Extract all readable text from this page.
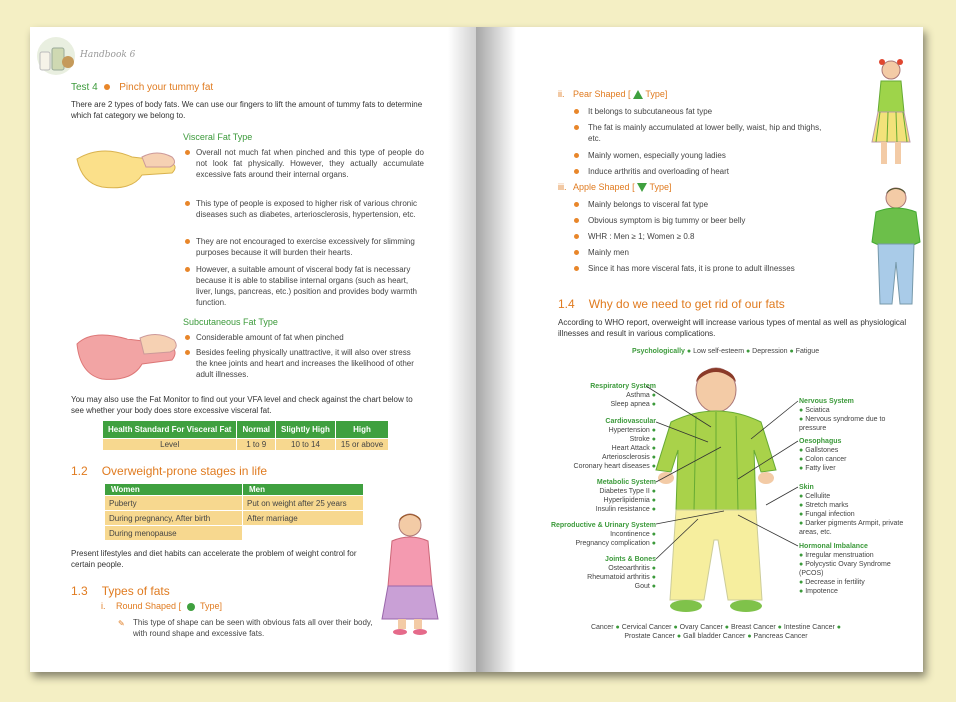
Handbook 6
Test 4 Pinch your tummy fat
There are 2 types of body fats. We can use our fingers to lift the amount of tummy fats to determine which fat category we belong to.
Visceral Fat Type
Overall not much fat when pinched and this type of people do not look fat physically. However, they actually accumulate excessive fats around their internal organs.
This type of people is exposed to higher risk of various chronic diseases such as diabetes, arteriosclerosis, hypertension, etc.
They are not encouraged to exercise excessively for slimming purposes because it will burden their hearts.
However, a suitable amount of visceral body fat is necessary because it is able to stabilise internal organs (such as heart, liver, lungs, pancreas, etc.) position and provides body warmth function.
Subcutaneous Fat Type
Considerable amount of fat when pinched
Besides feeling physically unattractive, it will also over stress the knee joints and heart and increases the likelihood of other adult illnesses.
You may also use the Fat Monitor to find out your VFA level and check against the chart below to see whether your body does store excessive visceral fat.
Health Standard For Visceral Fat	Normal	Slightly High	High
Level	1 to 9	10 to 14	15 or above
1.2 Overweight-prone stages in life
Women	Men
Puberty	Put on weight after 25 years
During pregnancy, After birth	After marriage
During menopause	
Present lifestyles and diet habits can accelerate the problem of weight control for certain people.
1.3 Types of fats
i. Round Shaped [ Type]
✎ This type of shape can be seen with obvious fats all over their body, with round shape and excessive fats.
ii. Pear Shaped [ Type]
It belongs to subcutaneous fat type
The fat is mainly accumulated at lower belly, waist, hip and thighs, etc.
Mainly women, especially young ladies
Induce arthritis and overloading of heart
iii. Apple Shaped [ Type]
Mainly belongs to visceral fat type
Obvious symptom is big tummy or beer belly
WHR : Men ≥ 1; Women ≥ 0.8
Mainly men
Since it has more visceral fats, it is prone to adult illnesses
1.4 Why do we need to get rid of our fats
According to WHO report, overweight will increase various types of mental as well as physiological illnesses and result in various complications.
Psychologically ● Low self-esteem ● Depression ● Fatigue
Respiratory System
Asthma ●
Sleep apnea ●
Cardiovascular
Hypertension ●
Stroke ●
Heart Attack ●
Arteriosclerosis ●
Coronary heart diseases ●
Metabolic System
Diabetes Type II ●
Hyperlipidemia ●
Insulin resistance ●
Reproductive & Urinary System
Incontinence ●
Pregnancy complication ●
Joints & Bones
Osteoarthritis ●
Rheumatoid arthritis ●
Gout ●
Nervous System
● Sciatica
● Nervous syndrome due to pressure
Oesophagus
● Gallstones
● Colon cancer
● Fatty liver
Skin
● Cellulite
● Stretch marks
● Fungal infection
● Darker pigments Armpit, private areas, etc.
Hormonal Imbalance
● Irregular menstruation
● Polycystic Ovary Syndrome (PCOS)
● Decrease in fertility
● Impotence
Cancer ● Cervical Cancer ● Ovary Cancer ● Breast Cancer ● Intestine Cancer ●
Prostate Cancer ● Gall bladder Cancer ● Pancreas Cancer
